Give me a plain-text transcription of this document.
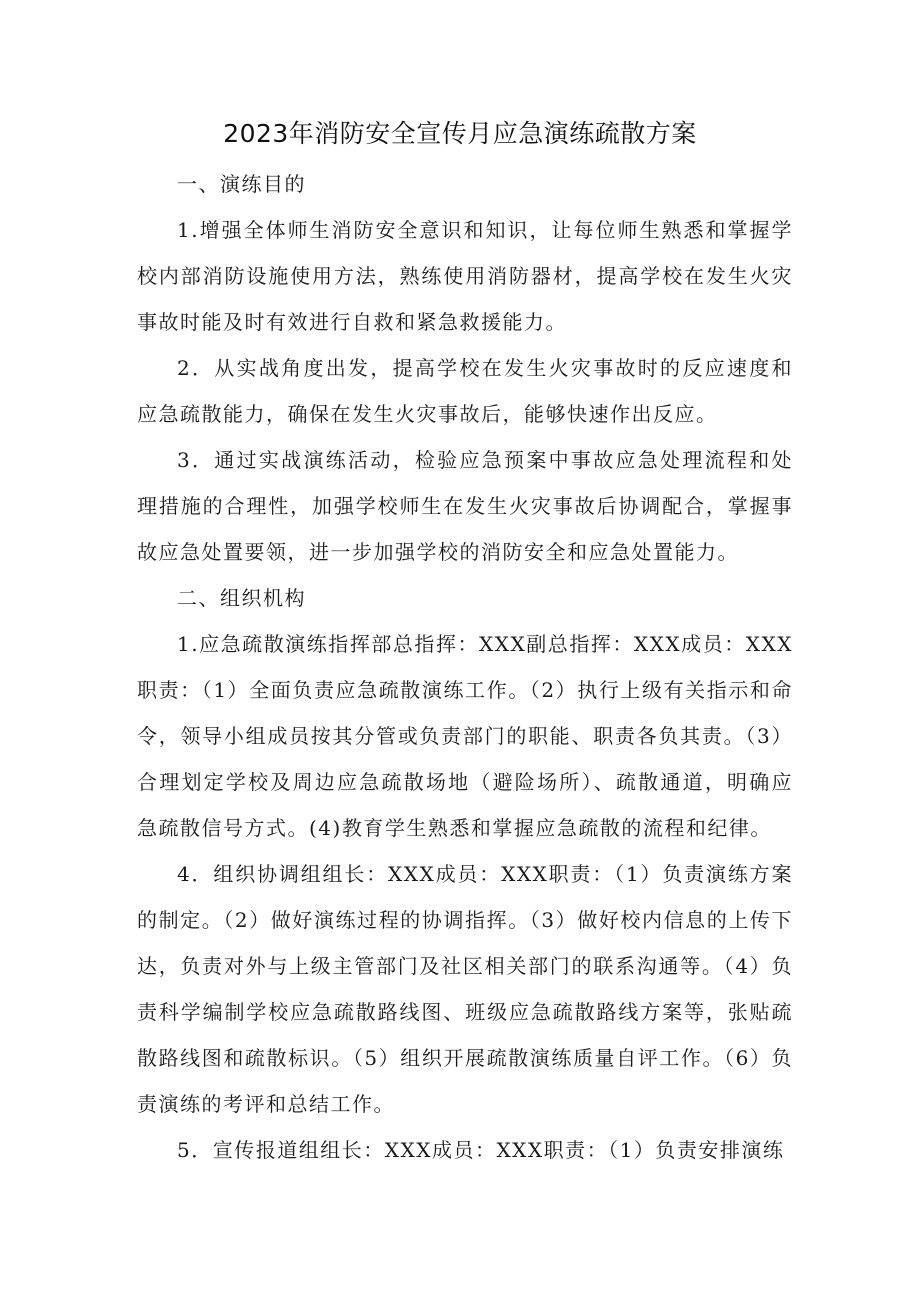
2023年消防安全宣传月应急演练疏散方案

一、演练目的

1.增强全体师生消防安全意识和知识，让每位师生熟悉和掌握学校内部消防设施使用方法，熟练使用消防器材，提高学校在发生火灾事故时能及时有效进行自救和紧急救援能力。

2．从实战角度出发，提高学校在发生火灾事故时的反应速度和应急疏散能力，确保在发生火灾事故后，能够快速作出反应。

3．通过实战演练活动，检验应急预案中事故应急处理流程和处理措施的合理性，加强学校师生在发生火灾事故后协调配合，掌握事故应急处置要领，进一步加强学校的消防安全和应急处置能力。

二、组织机构

1.应急疏散演练指挥部总指挥：XXX副总指挥：XXX成员：XXX职责：（1）全面负责应急疏散演练工作。（2）执行上级有关指示和命令，领导小组成员按其分管或负责部门的职能、职责各负其责。（3）合理划定学校及周边应急疏散场地（避险场所）、疏散通道，明确应急疏散信号方式。(4)教育学生熟悉和掌握应急疏散的流程和纪律。

4．组织协调组组长：XXX成员：XXX职责：（1）负责演练方案的制定。（2）做好演练过程的协调指挥。（3）做好校内信息的上传下达，负责对外与上级主管部门及社区相关部门的联系沟通等。（4）负责科学编制学校应急疏散路线图、班级应急疏散路线方案等，张贴疏散路线图和疏散标识。（5）组织开展疏散演练质量自评工作。（6）负责演练的考评和总结工作。

5．宣传报道组组长：XXX成员：XXX职责：（1）负责安排演练
